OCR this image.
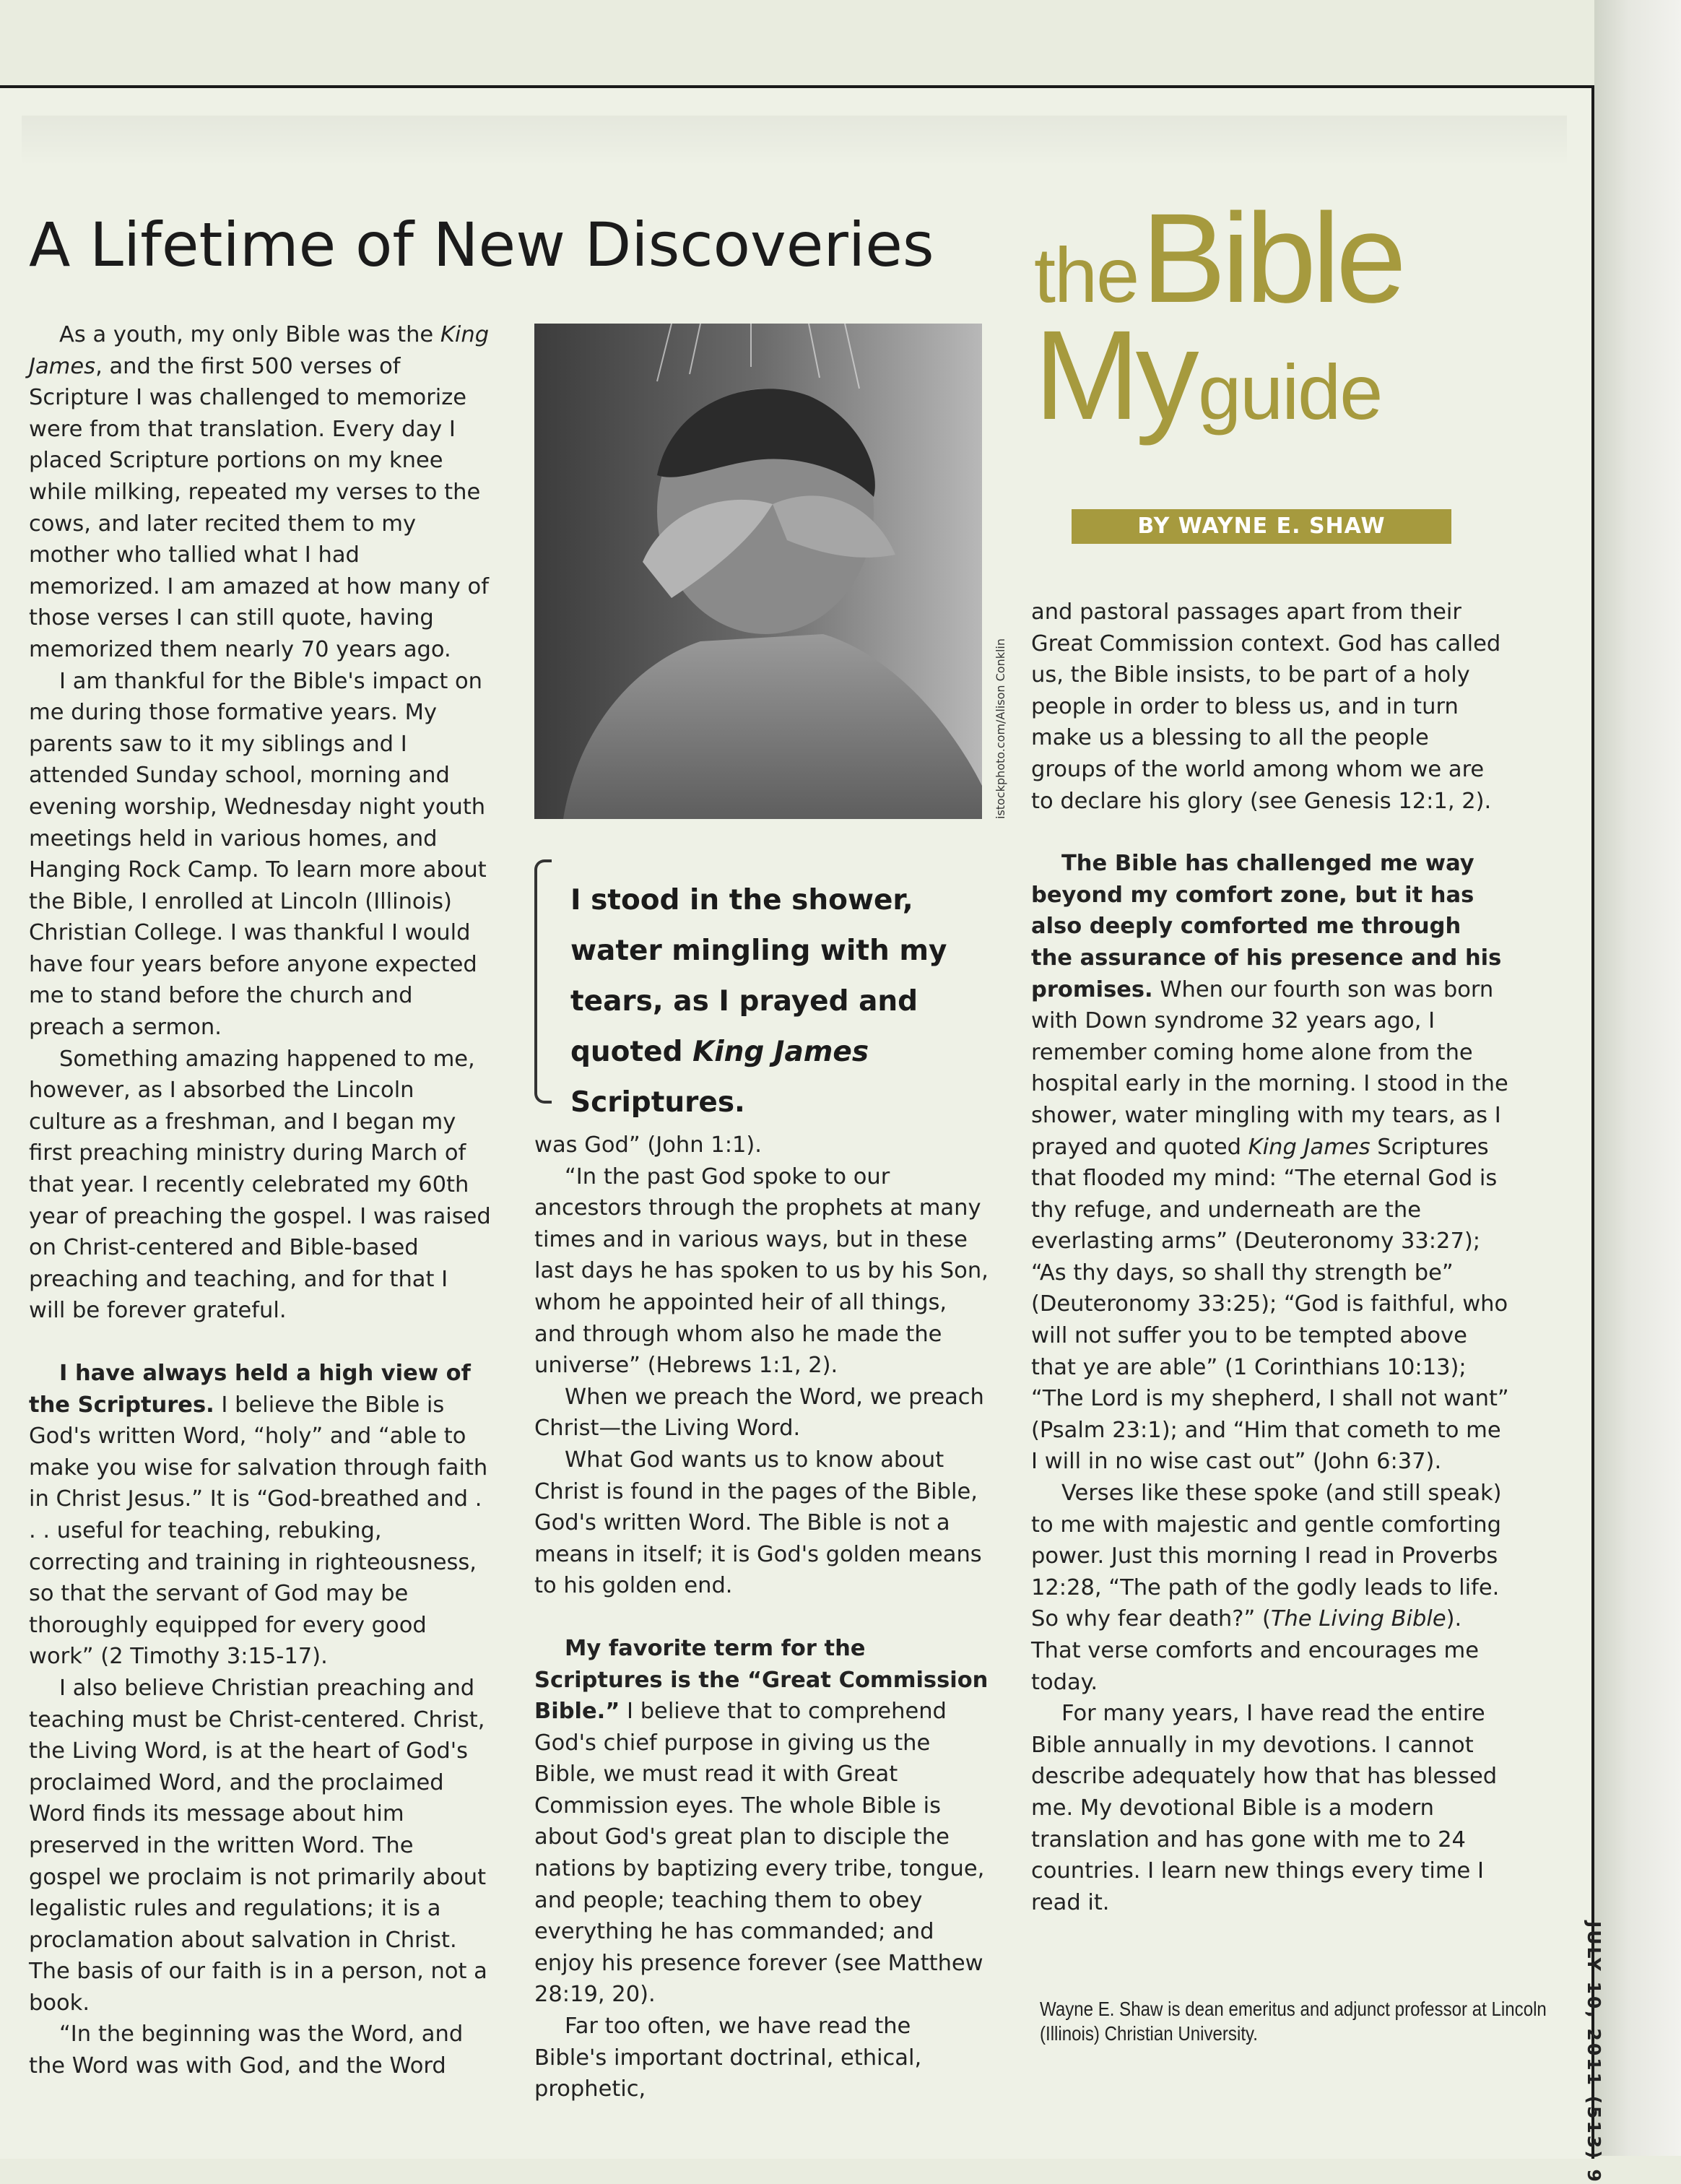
A Lifetime of New Discoveries the Bible
My guide
BY WAYNE E. SHAW

As a youth, my only Bible was the King James, and the first 500 verses of Scripture I was challenged to memorize were from that translation. Every day I placed Scripture portions on my knee while milking, repeated my verses to the cows, and later recited them to my mother who tallied what I had memorized. I am amazed at how many of those verses I can still quote, having memorized them nearly 70 years ago.

I am thankful for the Bible's impact on me during those formative years. My parents saw to it my siblings and I attended Sunday school, morning and evening worship, Wednesday night youth meetings held in various homes, and Hanging Rock Camp. To learn more about the Bible, I enrolled at Lincoln (Illinois) Christian College. I was thankful I would have four years before anyone expected me to stand before the church and preach a sermon.

Something amazing happened to me, however, as I absorbed the Lincoln culture as a freshman, and I began my first preaching ministry during March of that year. I recently celebrated my 60th year of preaching the gospel. I was raised on Christ-centered and Bible-based preaching and teaching, and for that I will be forever grateful.

I have always held a high view of the Scriptures. I believe the Bible is God's written Word, “holy” and “able to make you wise for salvation through faith in Christ Jesus.” It is “God-breathed and . . . useful for teaching, rebuking, correcting and training in righteousness, so that the servant of God may be thoroughly equipped for every good work” (2 Timothy 3:15-17).

I also believe Christian preaching and teaching must be Christ-centered. Christ, the Living Word, is at the heart of God's proclaimed Word, and the proclaimed Word finds its message about him preserved in the written Word. The gospel we proclaim is not primarily about legalistic rules and regulations; it is a proclamation about salvation in Christ. The basis of our faith is in a person, not a book.

“In the beginning was the Word, and the Word was with God, and the Word

istockphoto.com/Alison Conklin
I stood in the shower, water mingling with my tears, as I prayed and quoted King James Scriptures.

was God” (John 1:1).

“In the past God spoke to our ancestors through the prophets at many times and in various ways, but in these last days he has spoken to us by his Son, whom he appointed heir of all things, and through whom also he made the universe” (Hebrews 1:1, 2).

When we preach the Word, we preach Christ—the Living Word.

What God wants us to know about Christ is found in the pages of the Bible, God's written Word. The Bible is not a means in itself; it is God's golden means to his golden end.

My favorite term for the Scriptures is the “Great Commission Bible.” I believe that to comprehend God's chief purpose in giving us the Bible, we must read it with Great Commission eyes. The whole Bible is about God's great plan to disciple the nations by baptizing every tribe, tongue, and people; teaching them to obey everything he has commanded; and enjoy his presence forever (see Matthew 28:19, 20).

Far too often, we have read the Bible's important doctrinal, ethical, prophetic,

and pastoral passages apart from their Great Commission context. God has called us, the Bible insists, to be part of a holy people in order to bless us, and in turn make us a blessing to all the people groups of the world among whom we are to declare his glory (see Genesis 12:1, 2).

The Bible has challenged me way beyond my comfort zone, but it has also deeply comforted me through the assurance of his presence and his promises. When our fourth son was born with Down syndrome 32 years ago, I remember coming home alone from the hospital early in the morning. I stood in the shower, water mingling with my tears, as I prayed and quoted King James Scriptures that flooded my mind: “The eternal God is thy refuge, and underneath are the everlasting arms” (Deuteronomy 33:27); “As thy days, so shall thy strength be” (Deuteronomy 33:25); “God is faithful, who will not suffer you to be tempted above that ye are able” (1 Corinthians 10:13); “The Lord is my shepherd, I shall not want” (Psalm 23:1); and “Him that cometh to me I will in no wise cast out” (John 6:37).

Verses like these spoke (and still speak) to me with majestic and gentle comforting power. Just this morning I read in Proverbs 12:28, “The path of the godly leads to life. So why fear death?” (The Living Bible). That verse comforts and encourages me today.

For many years, I have read the entire Bible annually in my devotions. I cannot describe adequately how that has blessed me. My devotional Bible is a modern translation and has gone with me to 24 countries. I learn new things every time I read it.

Wayne E. Shaw is dean emeritus and adjunct professor at Lincoln (Illinois) Christian University.	JULY 10, 2011 (513) 9
